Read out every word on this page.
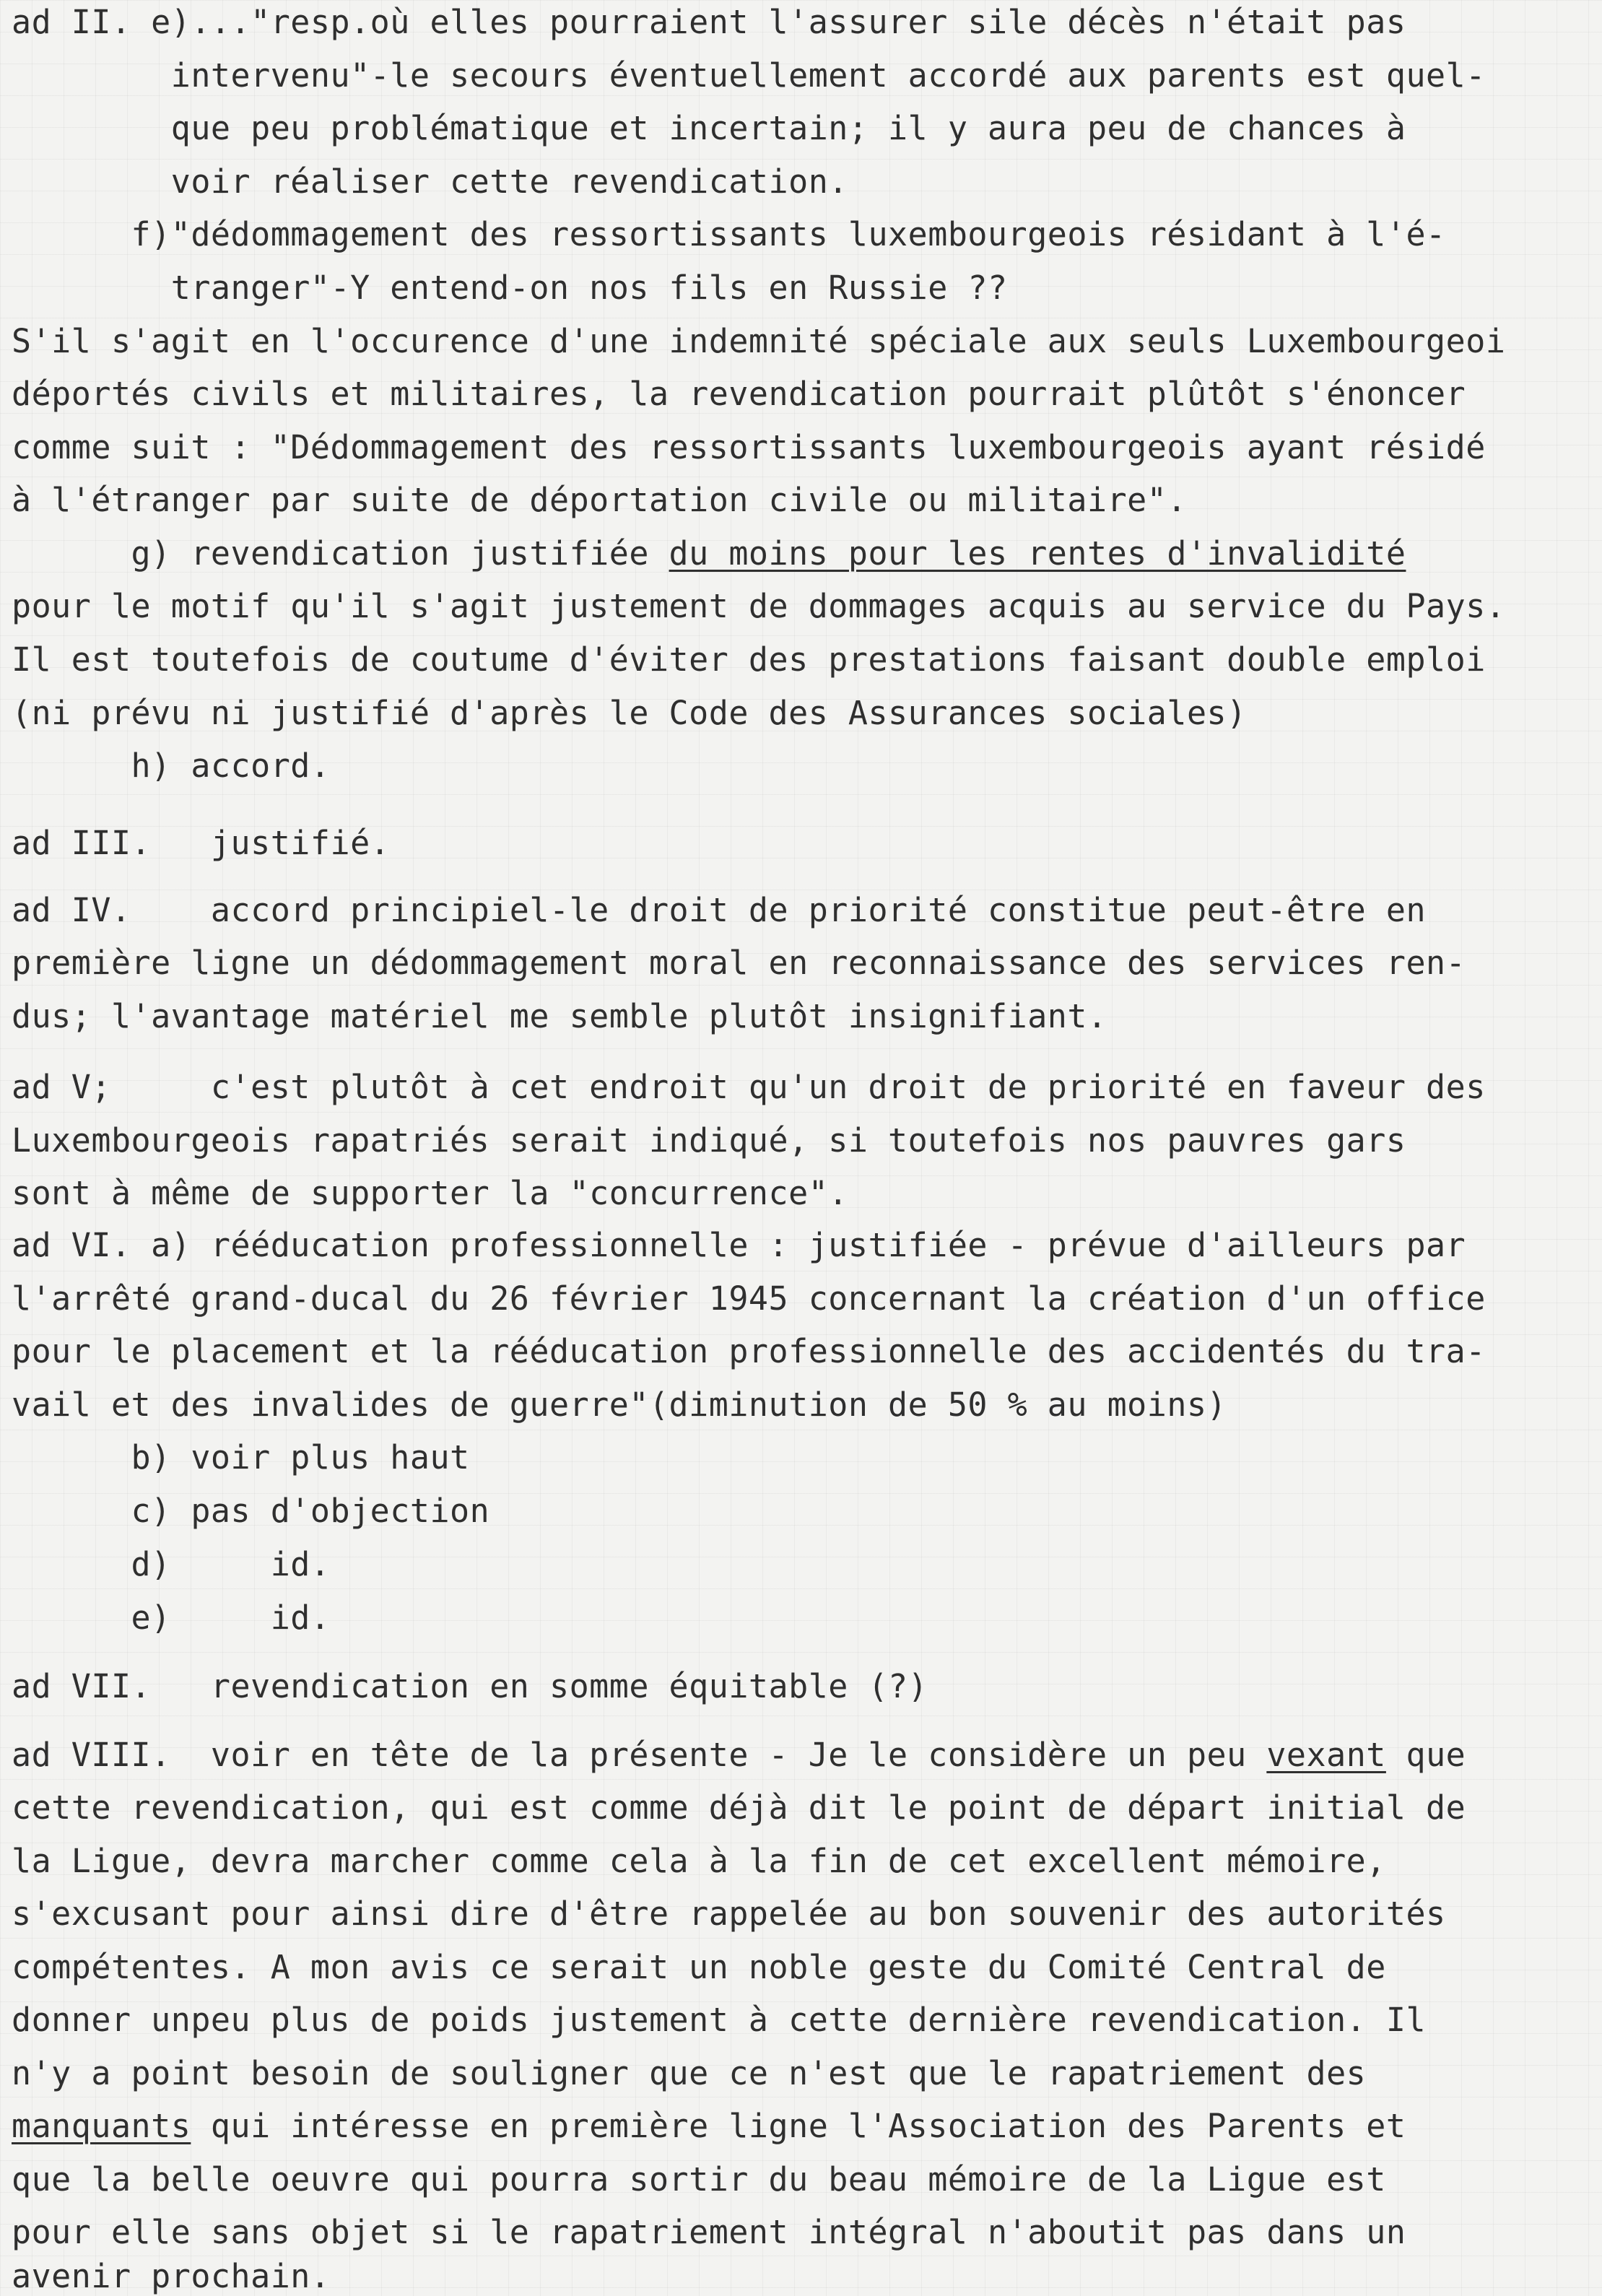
ad II. e)..."resp.où elles pourraient l'assurer sile décès n'était pas
intervenu"-le secours éventuellement accordé aux parents est quel-
que peu problématique et incertain; il y aura peu de chances à
voir réaliser cette revendication.
f)"dédommagement des ressortissants luxembourgeois résidant à l'é-
tranger"-Y entend-on nos fils en Russie ??
S'il s'agit en l'occurence d'une indemnité spéciale aux seuls Luxembourgeoi
déportés civils et militaires, la revendication pourrait plûtôt s'énoncer
comme suit : "Dédommagement des ressortissants luxembourgeois ayant résidé
à l'étranger par suite de déportation civile ou militaire".
g) revendication justifiée du moins pour les rentes d'invalidité
pour le motif qu'il s'agit justement de dommages acquis au service du Pays.
Il est toutefois de coutume d'éviter des prestations faisant double emploi
(ni prévu ni justifié d'après le Code des Assurances sociales)
h) accord.
ad III.   justifié.
ad IV.    accord principiel-le droit de priorité constitue peut-être en
première ligne un dédommagement moral en reconnaissance des services ren-
dus; l'avantage matériel me semble plutôt insignifiant.
ad V;     c'est plutôt à cet endroit qu'un droit de priorité en faveur des
Luxembourgeois rapatriés serait indiqué, si toutefois nos pauvres gars
sont à même de supporter la "concurrence".
ad VI. a) rééducation professionnelle : justifiée - prévue d'ailleurs par
l'arrêté grand-ducal du 26 février 1945 concernant la création d'un office
pour le placement et la rééducation professionnelle des accidentés du tra-
vail et des invalides de guerre"(diminution de 50 % au moins)
b) voir plus haut
c) pas d'objection
d)     id.
e)     id.
ad VII.   revendication en somme équitable (?)
ad VIII.  voir en tête de la présente - Je le considère un peu vexant que
cette revendication, qui est comme déjà dit le point de départ initial de
la Ligue, devra marcher comme cela à la fin de cet excellent mémoire,
s'excusant pour ainsi dire d'être rappelée au bon souvenir des autorités
compétentes. A mon avis ce serait un noble geste du Comité Central de
donner unpeu plus de poids justement à cette dernière revendication. Il
n'y a point besoin de souligner que ce n'est que le rapatriement des
manquants qui intéresse en première ligne l'Association des Parents et
que la belle oeuvre qui pourra sortir du beau mémoire de la Ligue est
pour elle sans objet si le rapatriement intégral n'aboutit pas dans un
avenir prochain.
